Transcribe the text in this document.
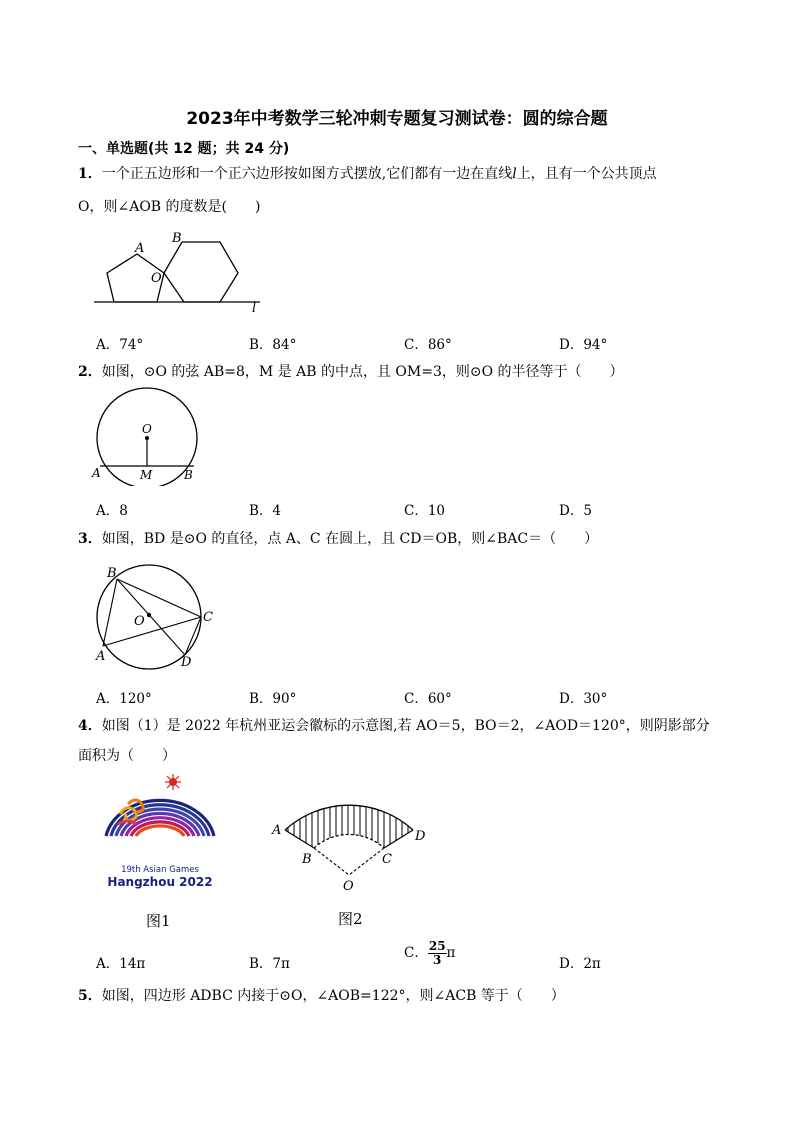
2023年中考数学三轮冲刺专题复习测试卷：圆的综合题
一、单选题(共 12 题；共 24 分)
1．一个正五边形和一个正六边形按如图方式摆放,它们都有一边在直线l上，且有一个公共顶点
O，则∠AOB 的度数是(　　)
A
B
O
l
A．74°	B．84°	C．86°	D．94°
2．如图，⊙O 的弦 AB=8，M 是 AB 的中点，且 OM=3，则⊙O 的半径等于（　　）
O
A	M	B
A．8	B．4	C．10	D．5
3．如图，BD 是⊙O 的直径，点 A、C 在圆上，且 CD＝OB，则∠BAC＝（　　）
B
O	C
A	D
A．120°	B．90°	C．60°	D．30°
4．如图（1）是 2022 年杭州亚运会徽标的示意图,若 AO＝5，BO＝2，∠AOD＝120°，则阴影部分
面积为（　　）
19th Asian Games
Hangzhou 2022
图1
A
B	C
D
O
图2
A．14π	B．7π
C． $\frac{25}{3}$ π
D．2π
5．如图，四边形 ADBC 内接于⊙O，∠AOB=122°，则∠ACB 等于（　　）
